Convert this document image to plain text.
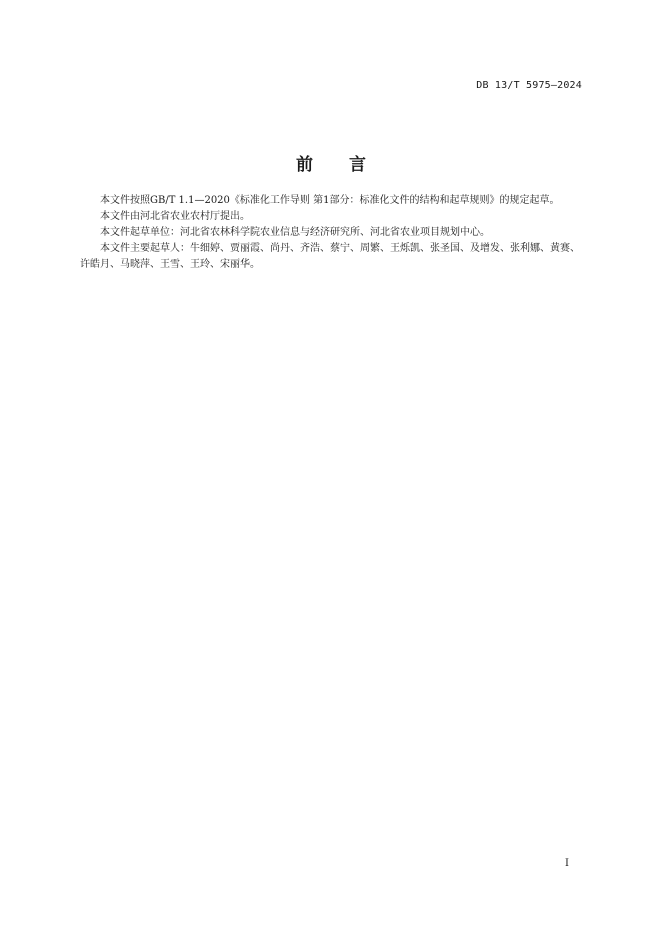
DB 13/T 5975—2024
前 言

本文件按照GB/T 1.1—2020《标准化工作导则 第1部分：标准化文件的结构和起草规则》的规定起草。

本文件由河北省农业农村厅提出。

本文件起草单位：河北省农林科学院农业信息与经济研究所、河北省农业项目规划中心。

本文件主要起草人：牛细婷、贾丽霞、尚丹、齐浩、蔡宁、周繁、王烁凯、张圣国、及增发、张利娜、黄赛、许皓月、马晓萍、王雪、王玲、宋丽华。

I
